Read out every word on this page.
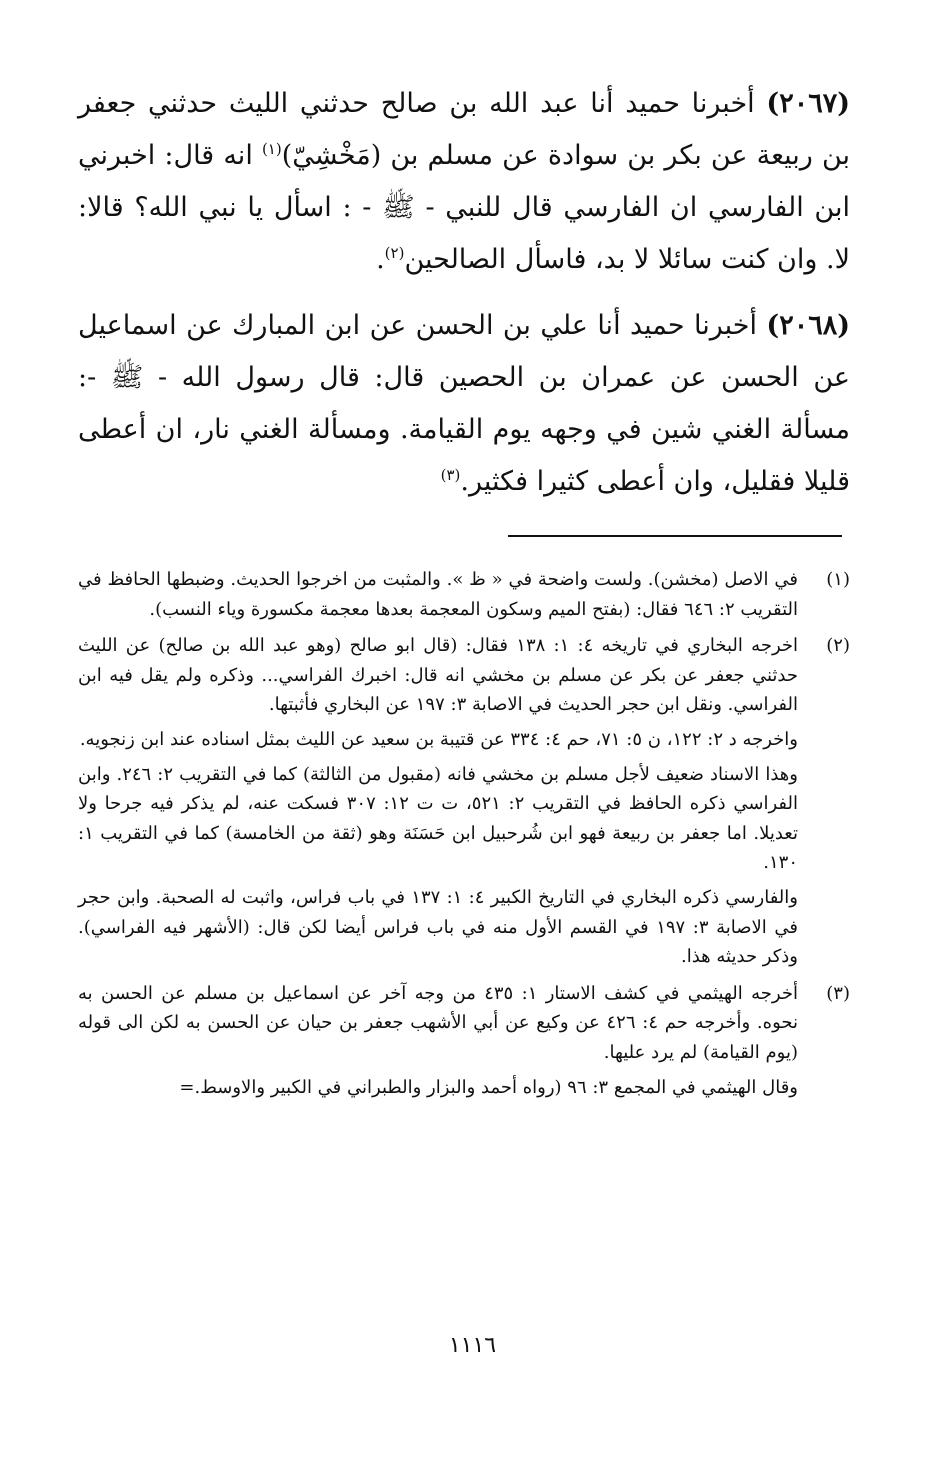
(٢٠٦٧) أخبرنا حميد أنا عبد الله بن صالح حدثني الليث حدثني جعفر بن ربيعة عن بكر بن سوادة عن مسلم بن (مَخْشِيّ)$^{(١)}$ انه قال: اخبرني ابن الفارسي ان الفارسي قال للنبي - ﷺ - : اسأل يا نبي الله؟ قالا: لا. وان كنت سائلا لا بد، فاسأل الصالحين$^{(٢)}$.

(٢٠٦٨) أخبرنا حميد أنا علي بن الحسن عن ابن المبارك عن اسماعيل عن الحسن عن عمران بن الحصين قال: قال رسول الله - ﷺ -: مسألة الغني شين في وجهه يوم القيامة. ومسألة الغني نار، ان أعطى قليلا فقليل، وان أعطى كثيرا فكثير.$^{(٣)}$

(١)

في الاصل (مخشن). ولست واضحة في « ظ ». والمثبت من اخرجوا الحديث. وضبطها الحافظ في التقريب ٢: ٦٤٦ فقال: (بفتح الميم وسكون المعجمة بعدها معجمة مكسورة وياء النسب).

(٢)

اخرجه البخاري في تاريخه ٤: ١: ١٣٨ فقال: (قال ابو صالح (وهو عبد الله بن صالح) عن الليث حدثني جعفر عن بكر عن مسلم بن مخشي انه قال: اخبرك الفراسي... وذكره ولم يقل فيه ابن الفراسي. ونقل ابن حجر الحديث في الاصابة ٣: ١٩٧ عن البخاري فأثبتها.

واخرجه د ٢: ١٢٢، ن ٥: ٧١، حم ٤: ٣٣٤ عن قتيبة بن سعيد عن الليث بمثل اسناده عند ابن زنجويه.

وهذا الاسناد ضعيف لأجل مسلم بن مخشي فانه (مقبول من الثالثة) كما في التقريب ٢: ٢٤٦. وابن الفراسي ذكره الحافظ في التقريب ٢: ٥٢١، ت ت ١٢: ٣٠٧ فسكت عنه، لم يذكر فيه جرحا ولا تعديلا. اما جعفر بن ربيعة فهو ابن شُرحبيل ابن حَسَنَة وهو (ثقة من الخامسة) كما في التقريب ١: ١٣٠.

والفارسي ذكره البخاري في التاريخ الكبير ٤: ١: ١٣٧ في باب فراس، واثبت له الصحبة. وابن حجر في الاصابة ٣: ١٩٧ في القسم الأول منه في باب فراس أيضا لكن قال: (الأشهر فيه الفراسي). وذكر حديثه هذا.

(٣)

أخرجه الهيثمي في كشف الاستار ١: ٤٣٥ من وجه آخر عن اسماعيل بن مسلم عن الحسن به نحوه. وأخرجه حم ٤: ٤٢٦ عن وكيع عن أبي الأشهب جعفر بن حيان عن الحسن به لكن الى قوله (يوم القيامة) لم يرد عليها.

وقال الهيثمي في المجمع ٣: ٩٦ (رواه أحمد والبزار والطبراني في الكبير والاوسط.=

١١١٦
